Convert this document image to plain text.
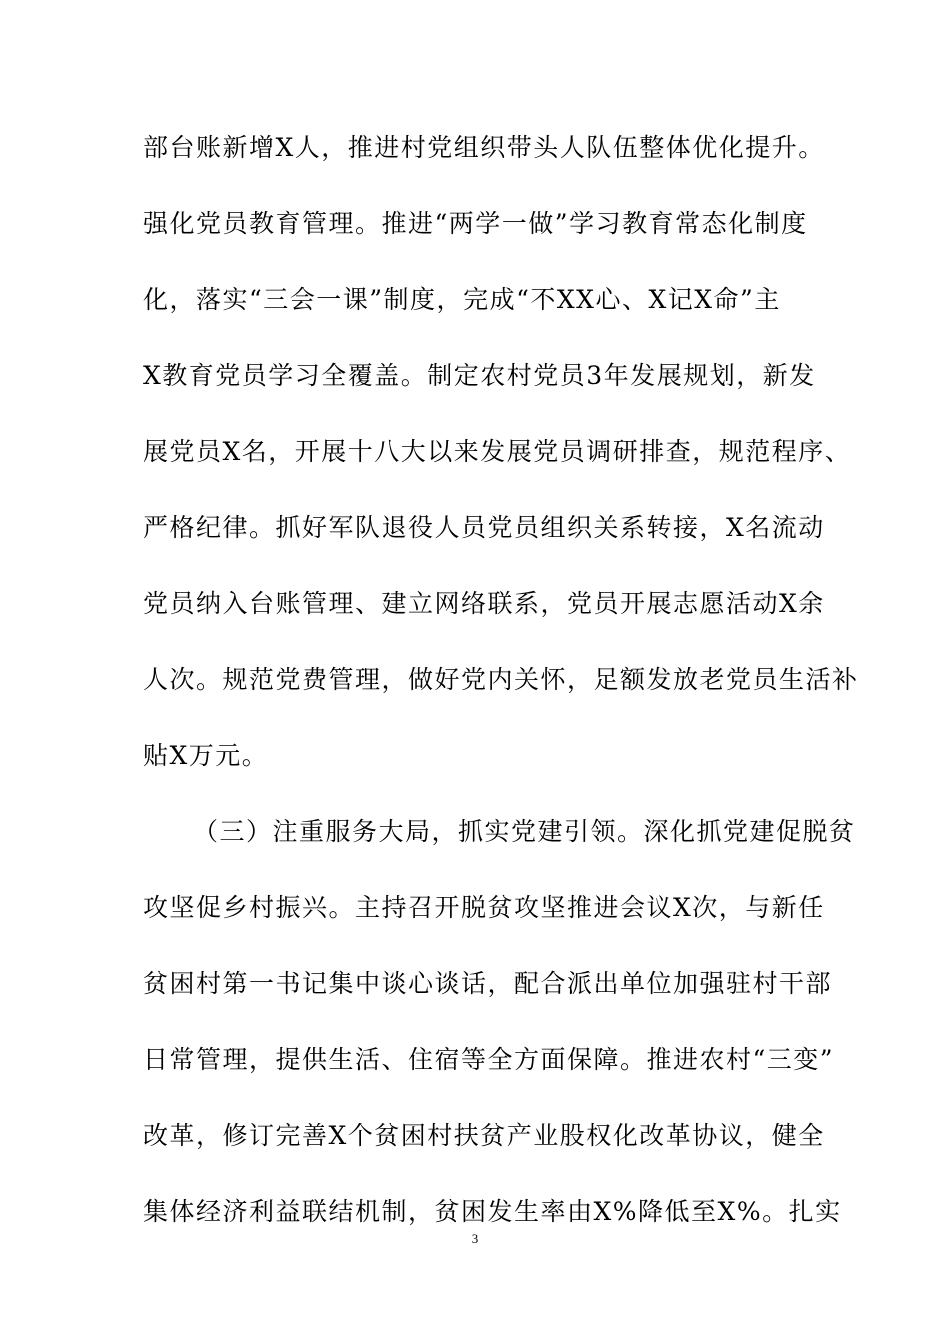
部台账新增X人，推进村党组织带头人队伍整体优化提升。
强化党员教育管理。推进“两学一做”学习教育常态化制度
化，落实“三会一课”制度，完成“不XX心、X记X命”主
X教育党员学习全覆盖。制定农村党员3年发展规划，新发
展党员X名，开展十八大以来发展党员调研排查，规范程序、
严格纪律。抓好军队退役人员党员组织关系转接，X名流动
党员纳入台账管理、建立网络联系，党员开展志愿活动X余
人次。规范党费管理，做好党内关怀，足额发放老党员生活补
贴X万元。
（三）注重服务大局，抓实党建引领。深化抓党建促脱贫
攻坚促乡村振兴。主持召开脱贫攻坚推进会议X次，与新任
贫困村第一书记集中谈心谈话，配合派出单位加强驻村干部
日常管理，提供生活、住宿等全方面保障。推进农村“三变”
改革，修订完善X个贫困村扶贫产业股权化改革协议，健全
集体经济利益联结机制，贫困发生率由X%降低至X%。扎实
3
